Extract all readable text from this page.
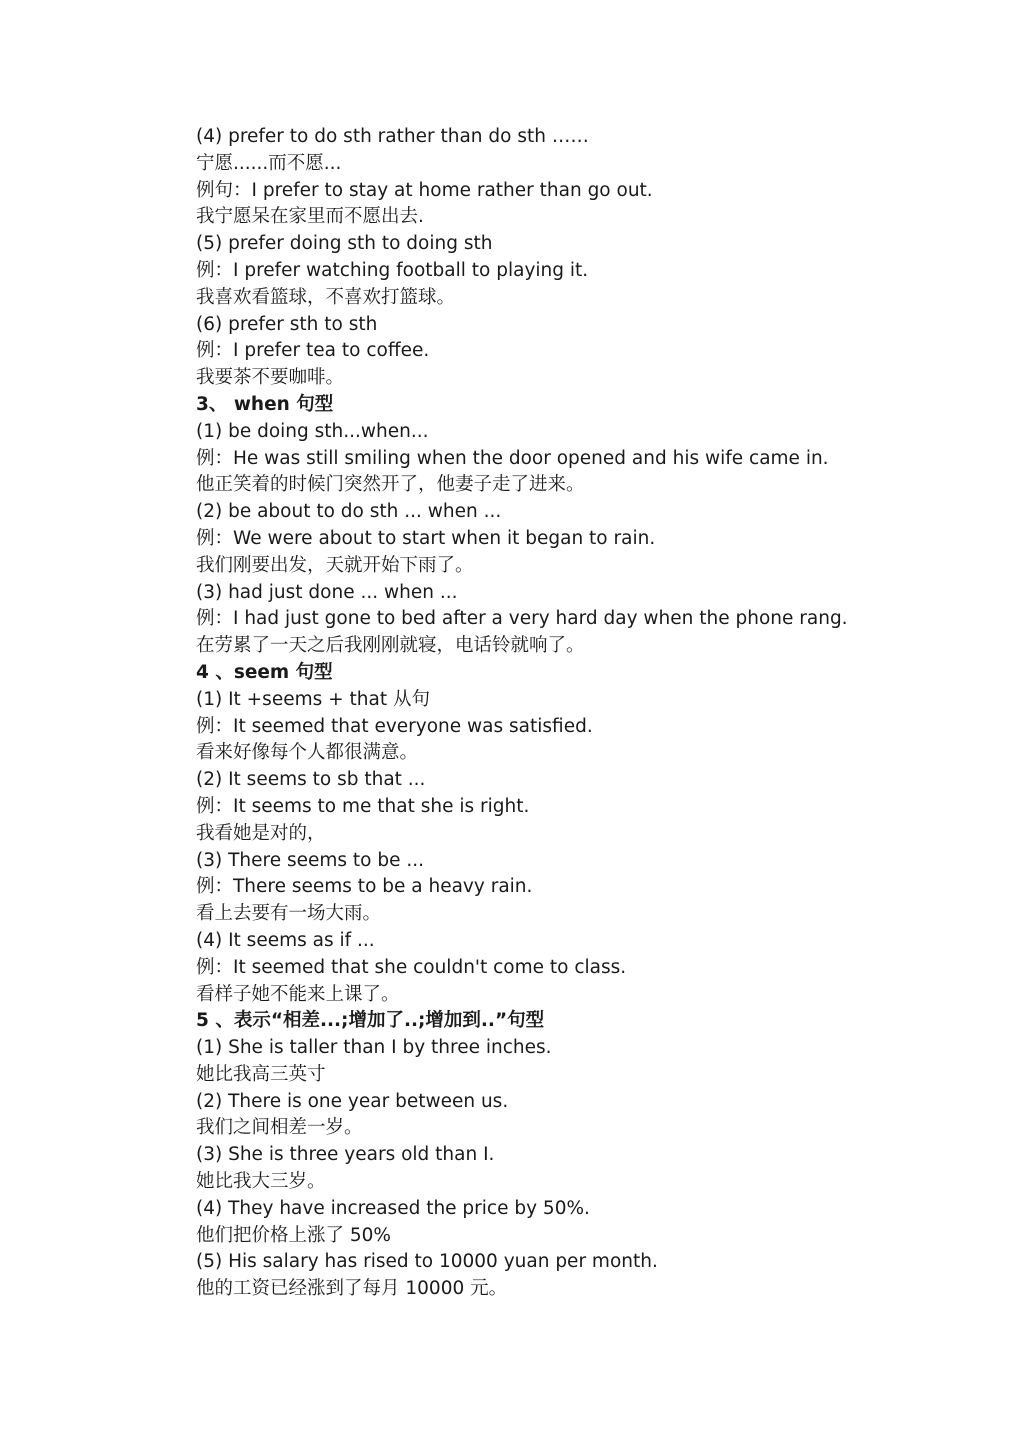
(4) prefer to do sth rather than do sth ……
宁愿......而不愿...
例句：I prefer to stay at home rather than go out.
我宁愿呆在家里而不愿出去.
(5) prefer doing sth to doing sth
例：I prefer watching football to playing it.
我喜欢看篮球，不喜欢打篮球。
(6) prefer sth to sth
例：I prefer tea to coffee.
我要茶不要咖啡。
3、 when 句型
(1) be doing sth...when...
例：He was still smiling when the door opened and his wife came in.
他正笑着的时候门突然开了，他妻子走了进来。
(2) be about to do sth ... when ...
例：We were about to start when it began to rain.
我们刚要出发，天就开始下雨了。
(3) had just done ... when ...
例：I had just gone to bed after a very hard day when the phone rang.
在劳累了一天之后我刚刚就寝，电话铃就响了。
4 、seem 句型
(1) It +seems + that 从句
例：It seemed that everyone was satisfied.
看来好像每个人都很满意。
(2) It seems to sb that ...
例：It seems to me that she is right.
我看她是对的，
(3) There seems to be ...
例：There seems to be a heavy rain.
看上去要有一场大雨。
(4) It seems as if ...
例：It seemed that she couldn't come to class.
看样子她不能来上课了。
5 、表示“相差...;增加了..;增加到..”句型
(1) She is taller than I by three inches.
她比我高三英寸
(2) There is one year between us.
我们之间相差一岁。
(3) She is three years old than I.
她比我大三岁。
(4) They have increased the price by 50%.
他们把价格上涨了 50%
(5) His salary has rised to 10000 yuan per month.
他的工资已经涨到了每月 10000 元。
